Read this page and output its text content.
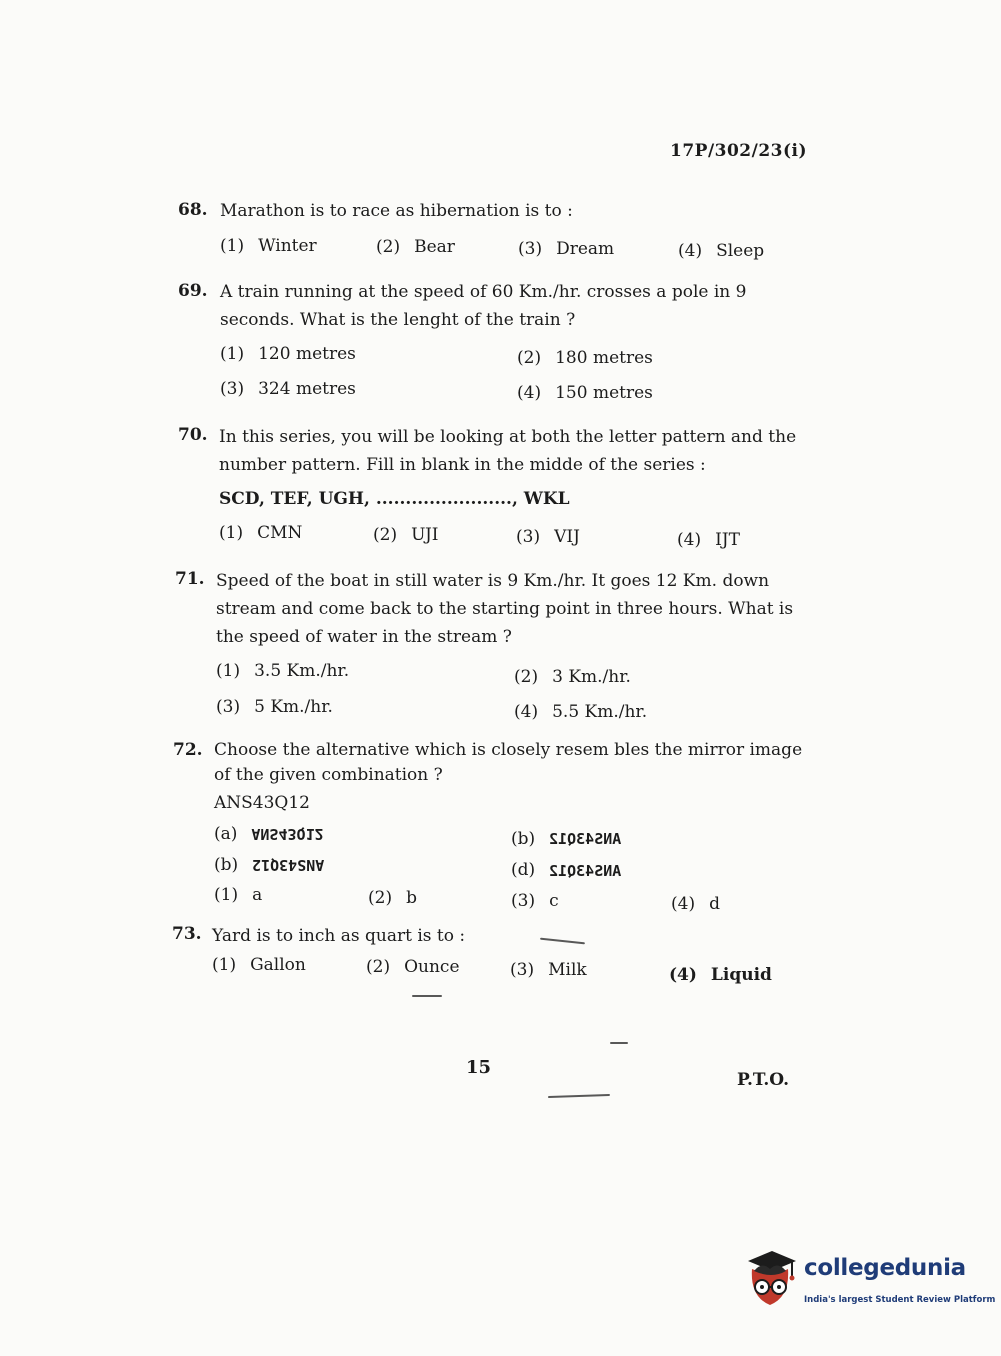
17P/302/23(i)
68. Marathon is to race as hibernation is to :
(1) Winter	(2) Bear	(3) Dream	(4) Sleep
69. A train running at the speed of 60 Km./hr. crosses a pole in 9 seconds. What is the lenght of the train ?
(1) 120 metres	(2) 180 metres
(3) 324 metres	(4) 150 metres
70. In this series, you will be looking at both the letter pattern and the number pattern. Fill in blank in the midde of the series :
SCD, TEF, UGH, ......................., WKL
(1) CMN	(2) UJI	(3) VIJ	(4) IJT
71. Speed of the boat in still water is 9 Km./hr. It goes 12 Km. down stream and come back to the starting point in three hours. What is the speed of water in the stream ?
(1) 3.5 Km./hr.	(2) 3 Km./hr.
(3) 5 Km./hr.	(4) 5.5 Km./hr.
72. Choose the alternative which is closely resem bles the mirror image of the given combination ?
ANS43Q12
(a) ANS43Q12	(b) ANS43Q12
(b) ANS43Q12	(d) ANS43Q12
(1) a	(2) b	(3) c	(4) d
73. Yard is to inch as quart is to :
(1) Gallon	(2) Ounce	(3) Milk	(4) Liquid
15
P.T.O.
collegedunia
India's largest Student Review Platform
